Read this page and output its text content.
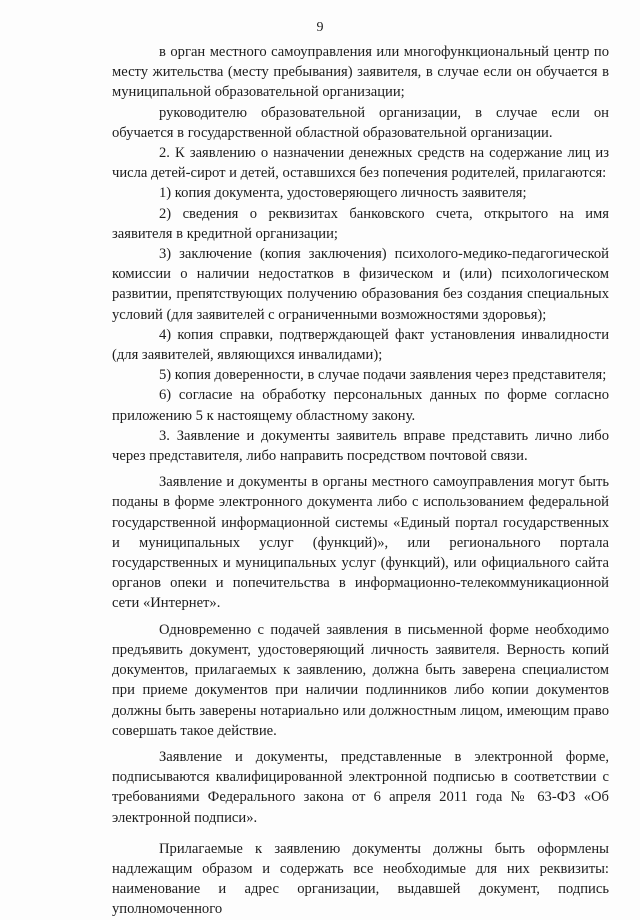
9

в орган местного самоуправления или многофункциональный центр по месту жительства (месту пребывания) заявителя, в случае если он обучается в муниципальной образовательной организации;

руководителю образовательной организации, в случае если он обучается в государственной областной образовательной организации.

2. К заявлению о назначении денежных средств на содержание лиц из числа детей-сирот и детей, оставшихся без попечения родителей, прилагаются:

1) копия документа, удостоверяющего личность заявителя;

2) сведения о реквизитах банковского счета, открытого на имя заявителя в кредитной организации;

3) заключение (копия заключения) психолого-медико-педагогической комиссии о наличии недостатков в физическом и (или) психологическом развитии, препятствующих получению образования без создания специальных условий (для заявителей с ограниченными возможностями здоровья);

4) копия справки, подтверждающей факт установления инвалидности (для заявителей, являющихся инвалидами);

5) копия доверенности, в случае подачи заявления через представителя;

6) согласие на обработку персональных данных по форме согласно приложению 5 к настоящему областному закону.

3. Заявление и документы заявитель вправе представить лично либо через представителя, либо направить посредством почтовой связи.

Заявление и документы в органы местного самоуправления могут быть поданы в форме электронного документа либо с использованием федеральной государственной информационной системы «Единый портал государственных и муниципальных услуг (функций)», или регионального портала государственных и муниципальных услуг (функций), или официального сайта органов опеки и попечительства в информационно-телекоммуникационной сети «Интернет».

Одновременно с подачей заявления в письменной форме необходимо предъявить документ, удостоверяющий личность заявителя. Верность копий документов, прилагаемых к заявлению, должна быть заверена специалистом при приеме документов при наличии подлинников либо копии документов должны быть заверены нотариально или должностным лицом, имеющим право совершать такое действие.

Заявление и документы, представленные в электронной форме, подписываются квалифицированной электронной подписью в соответствии с требованиями Федерального закона от 6 апреля 2011 года № 63-ФЗ «Об электронной подписи».

Прилагаемые к заявлению документы должны быть оформлены надлежащим образом и содержать все необходимые для них реквизиты: наименование и адрес организации, выдавшей документ, подпись уполномоченного
